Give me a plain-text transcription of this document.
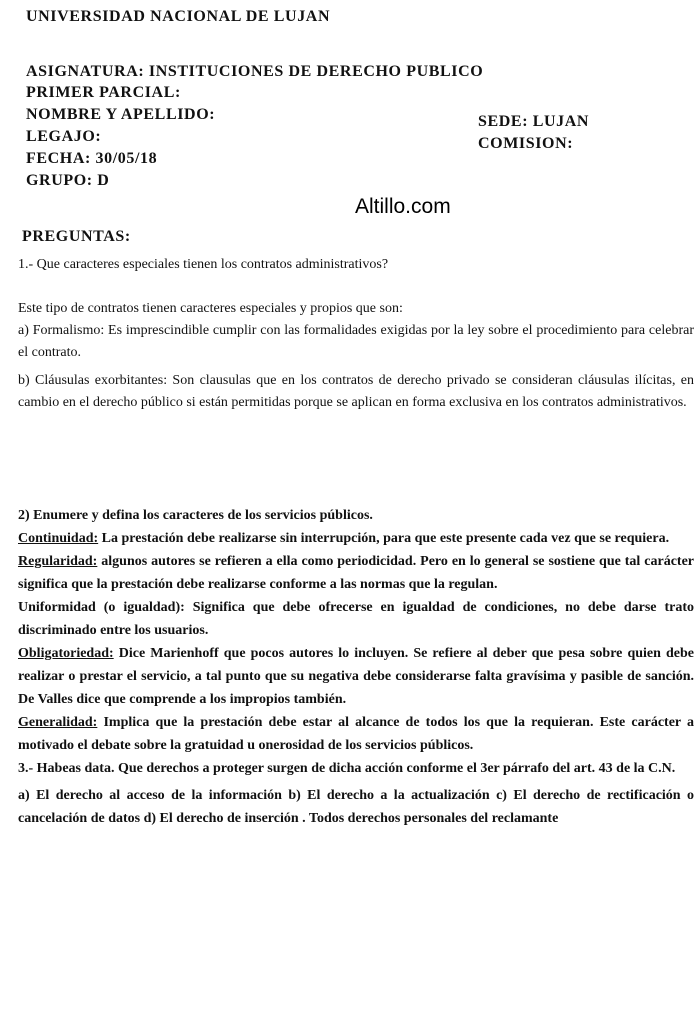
UNIVERSIDAD NACIONAL DE LUJAN
ASIGNATURA: INSTITUCIONES DE DERECHO PUBLICO
PRIMER PARCIAL:
NOMBRE Y APELLIDO:
LEGAJO:
FECHA: 30/05/18
GRUPO: D
SEDE: LUJAN
COMISION:
Altillo.com
PREGUNTAS:

1.- Que caracteres especiales tienen los contratos administrativos?

Este tipo de contratos tienen caracteres especiales y propios que son:

a) Formalismo: Es imprescindible cumplir con las formalidades exigidas por la ley sobre el procedimiento para celebrar el contrato.

b) Cláusulas exorbitantes: Son clausulas que en los contratos de derecho privado se consideran cláusulas ilícitas, en cambio en el derecho público si están permitidas porque se aplican en forma exclusiva en los contratos administrativos.

2) Enumere y defina los caracteres de los servicios públicos.

Continuidad: La prestación debe realizarse sin interrupción, para que este presente cada vez que se requiera.

Regularidad: algunos autores se refieren a ella como periodicidad. Pero en lo general se sostiene que tal carácter significa que la prestación debe realizarse conforme a las normas que la regulan.

Uniformidad (o igualdad): Significa que debe ofrecerse en igualdad de condiciones, no debe darse trato discriminado entre los usuarios.

Obligatoriedad: Dice Marienhoff que pocos autores lo incluyen. Se refiere al deber que pesa sobre quien debe realizar o prestar el servicio, a tal punto que su negativa debe considerarse falta gravísima y pasible de sanción. De Valles dice que comprende a los impropios también.

Generalidad: Implica que la prestación debe estar al alcance de todos los que la requieran. Este carácter a motivado el debate sobre la gratuidad u onerosidad de los servicios públicos.

3.- Habeas data. Que derechos a proteger surgen de dicha acción conforme el 3er párrafo del art. 43 de la C.N.

a) El derecho al acceso de la información b) El derecho a la actualización c) El derecho de rectificación o cancelación de datos d) El derecho de inserción . Todos derechos personales del reclamante
